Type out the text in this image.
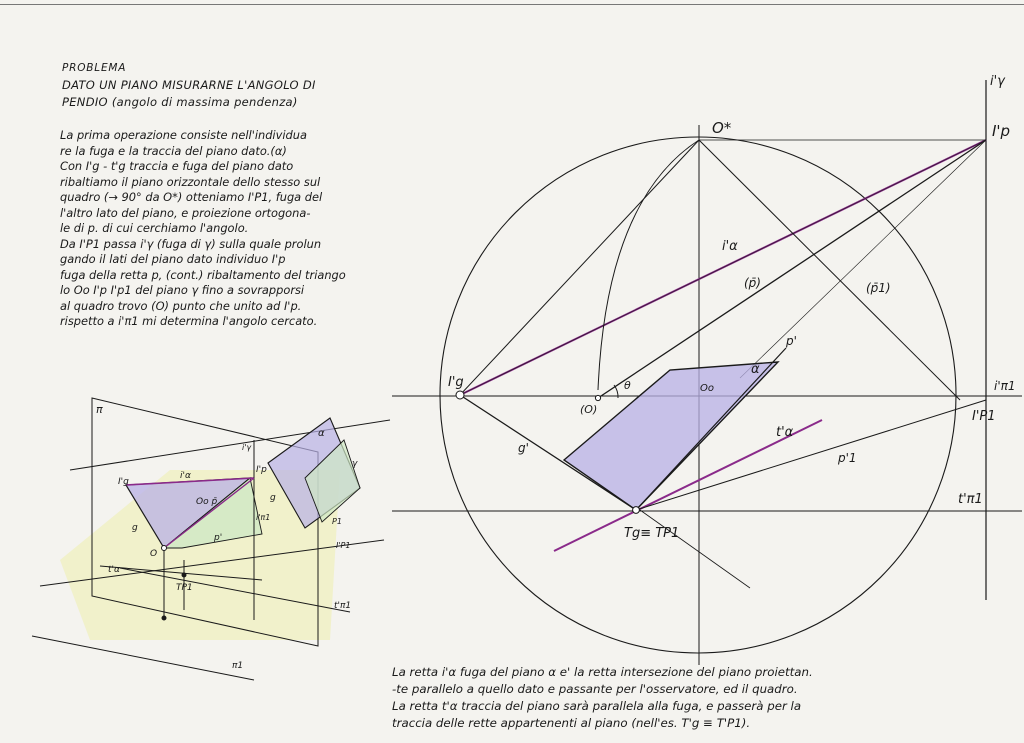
PROBLEMA
DATO UN PIANO MISURARNE L'ANGOLO DI
PENDIO (angolo di massima pendenza)
La prima operazione consiste nell'individua
re la fuga e la traccia del piano dato.(α)
Con I'g - t'g traccia e fuga del piano dato
ribaltiamo il piano orizzontale dello stesso sul
quadro (→ 90° da O*) otteniamo I'P1, fuga del
l'altro lato del piano, e proiezione ortogona-
le di p. di cui cerchiamo l'angolo.
Da I'P1 passa i'γ (fuga di γ) sulla quale prolun
gando il lati del piano dato individuo I'p
fuga della retta p, (cont.) ribaltamento del triango
lo Oo I'p I'p1 del piano γ fino a sovrapporsi
al quadro trovo (O) punto che unito ad I'p.
rispetto a i'π1 mi determina l'angolo cercato.
O*	I'p
i'γ
i'α
(p̄)	(p̄1)
p'
α
I'g
(O)
θ	Oo	i'π1
I'P1
g'
t'α
p'1
t'π1
Tg≡ TP1
π
I'g
i'α
Oo p̄
g
O
p'
I'p
i'π1
i'γ
α
γ
P1
t'α
TP1
t'π1
π1
g
I'P1
La retta i'α fuga del piano α e' la retta intersezione del piano proiettan.
-te parallelo a quello dato e passante per l'osservatore, ed il quadro.
La retta t'α traccia del piano sarà parallela alla fuga, e passerà per la
traccia delle rette appartenenti al piano (nell'es. T'g ≡ T'P1).
